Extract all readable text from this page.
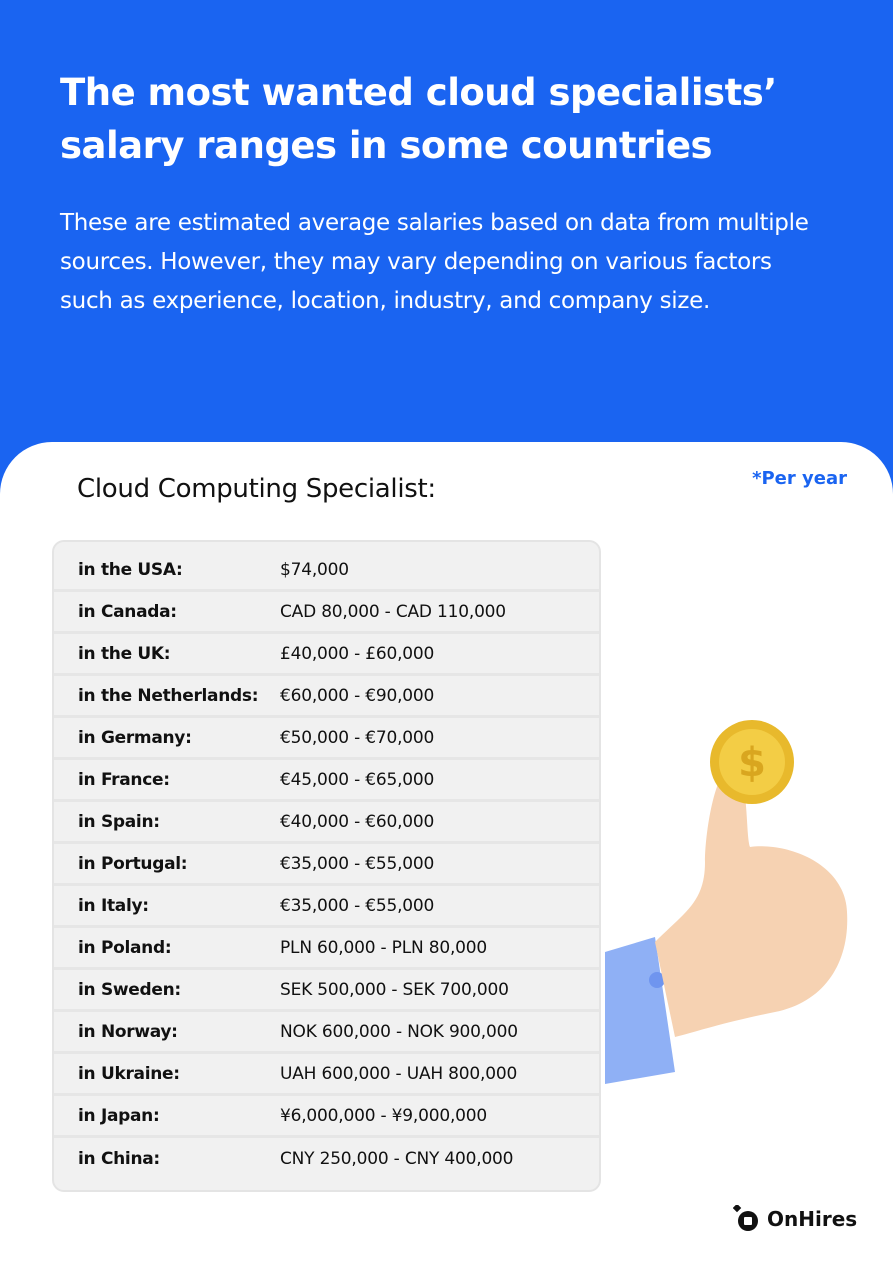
The most wanted cloud specialists’ salary ranges in some countries
These are estimated average salaries based on data from multiple sources. However, they may vary depending on various factors such as experience, location, industry, and company size.
*Per year
Cloud Computing Specialist:
in the USA:	$74,000
in Canada:	CAD 80,000 - CAD 110,000
in the UK:	£40,000 - £60,000
in the Netherlands:	€60,000 - €90,000
in Germany:	€50,000 - €70,000
in France:	€45,000 - €65,000
in Spain:	€40,000 - €60,000
in Portugal:	€35,000 - €55,000
in Italy:	€35,000 - €55,000
in Poland:	PLN 60,000 - PLN 80,000
in Sweden:	SEK 500,000 - SEK 700,000
in Norway:	NOK 600,000 - NOK 900,000
in Ukraine:	UAH 600,000 - UAH 800,000
in Japan:	¥6,000,000 - ¥9,000,000
in China:	CNY 250,000 - CNY 400,000
$
OnHires
